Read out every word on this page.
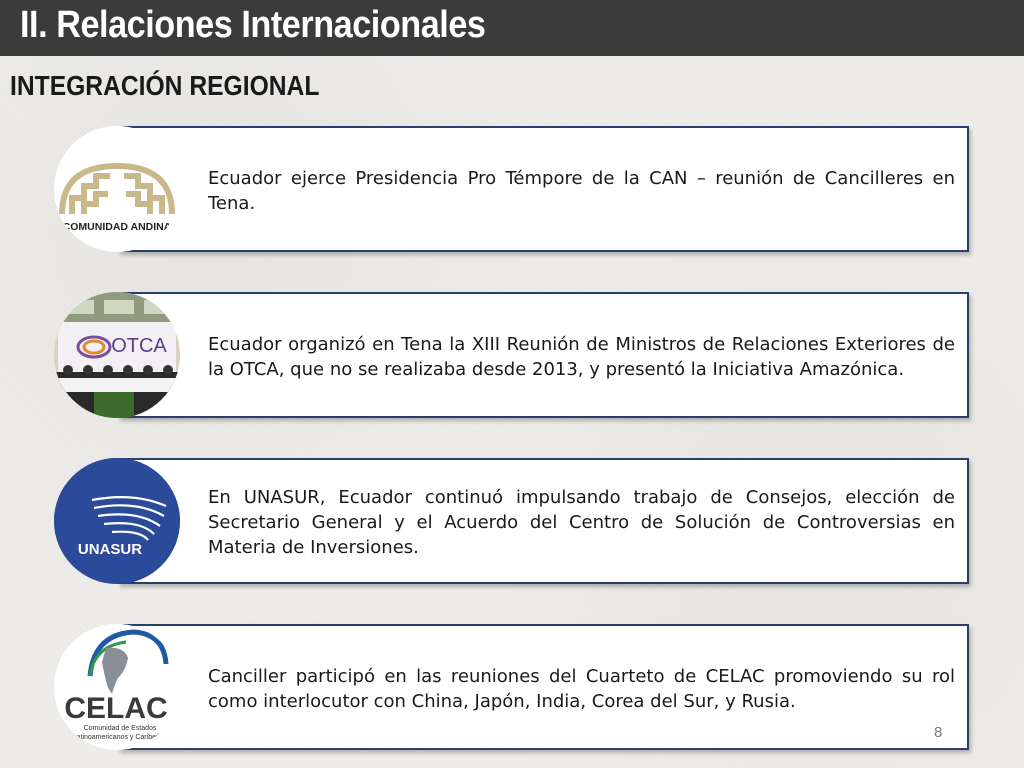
II. Relaciones Internacionales
INTEGRACIÓN REGIONAL
Ecuador ejerce Presidencia Pro Témpore de la CAN – reunión de Cancilleres en Tena.
COMUNIDAD ANDINA
Ecuador organizó en Tena la XIII Reunión de Ministros de Relaciones Exteriores de la OTCA, que no se realizaba desde 2013, y presentó la Iniciativa Amazónica.
OTCA
En UNASUR, Ecuador continuó impulsando trabajo de Consejos, elección de Secretario General y el Acuerdo del Centro de Solución de Controversias en Materia de Inversiones.
UNASUR
Canciller participó en las reuniones del Cuarteto de CELAC promoviendo su rol como interlocutor con China, Japón, India, Corea del Sur, y Rusia.
8
CELAC
Comunidad de Estados
Latinoamericanos y Caribeños
